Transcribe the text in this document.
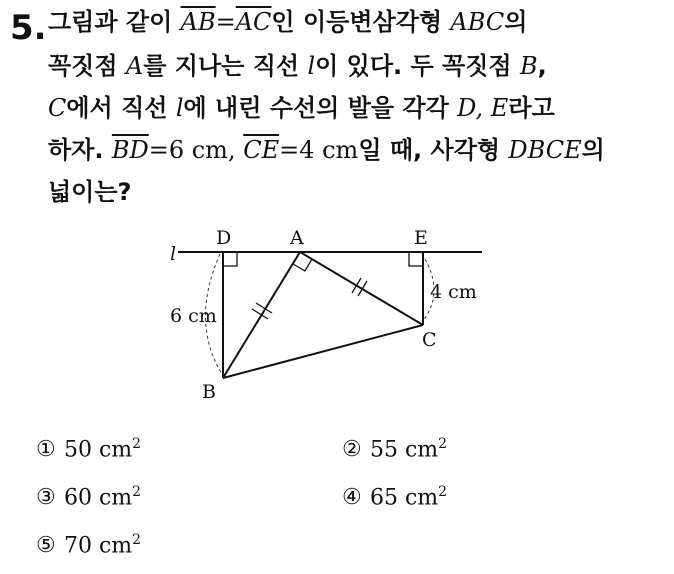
5. 그림과 같이 $\overline{AB}=\overline{AC}$인 이등변삼각형 ABC의
꼭짓점 A를 지나는 직선 l이 있다. 두 꼭짓점 B,
C에서 직선 l에 내린 수선의 발을 각각 D, E라고
하자. $\overline{BD}=6$ cm, $\overline{CE}=4$ cm일 때, 사각형 DBCE의
넓이는?
l
D	A	E
B
C
6 cm
4 cm
① 50 $cm^2$	② 55 $cm^2$
③ 60 $cm^2$	④ 65 $cm^2$
⑤ 70 $cm^2$
